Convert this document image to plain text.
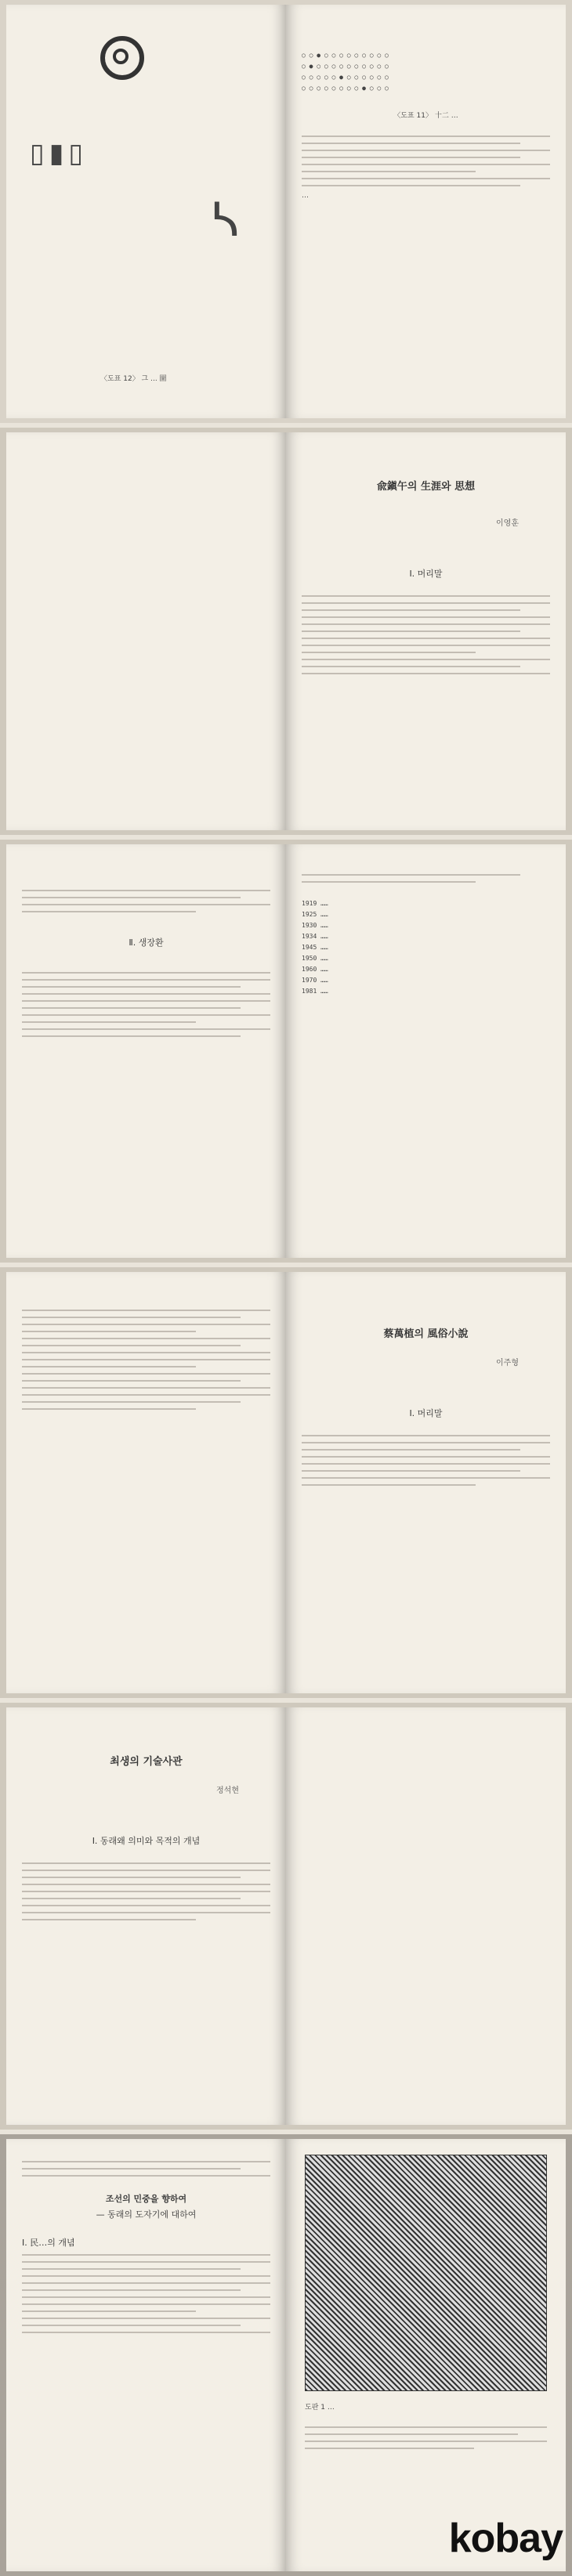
▯▮▯
ᓴ
〈도표 12〉 그 ... 圖
○ ○ ● ○ ○ ○ ○ ○ ○ ○ ○ ○
○ ● ○ ○ ○ ○ ○ ○ ○ ○ ○ ○
○ ○ ○ ○ ○ ● ○ ○ ○ ○ ○ ○
○ ○ ○ ○ ○ ○ ○ ○ ● ○ ○ ○
〈도표 11〉 十二 …
…
兪鎭午의 生涯와 思想
이영훈
Ⅰ. 머리말
Ⅱ. 생장환
1919 ……
1925 ……
1930 ……
1934 ……
1945 ……
1950 ……
1960 ……
1970 ……
1981 ……
蔡萬植의 風俗小說
이주형
Ⅰ. 머리말
최생의 기술사관
정석현
Ⅰ. 동래왜 의미와 목적의 개념
조선의 민중을 향하여
— 동래의 도자기에 대하여
Ⅰ. 民…의 개념
도판 1 …
kobay
